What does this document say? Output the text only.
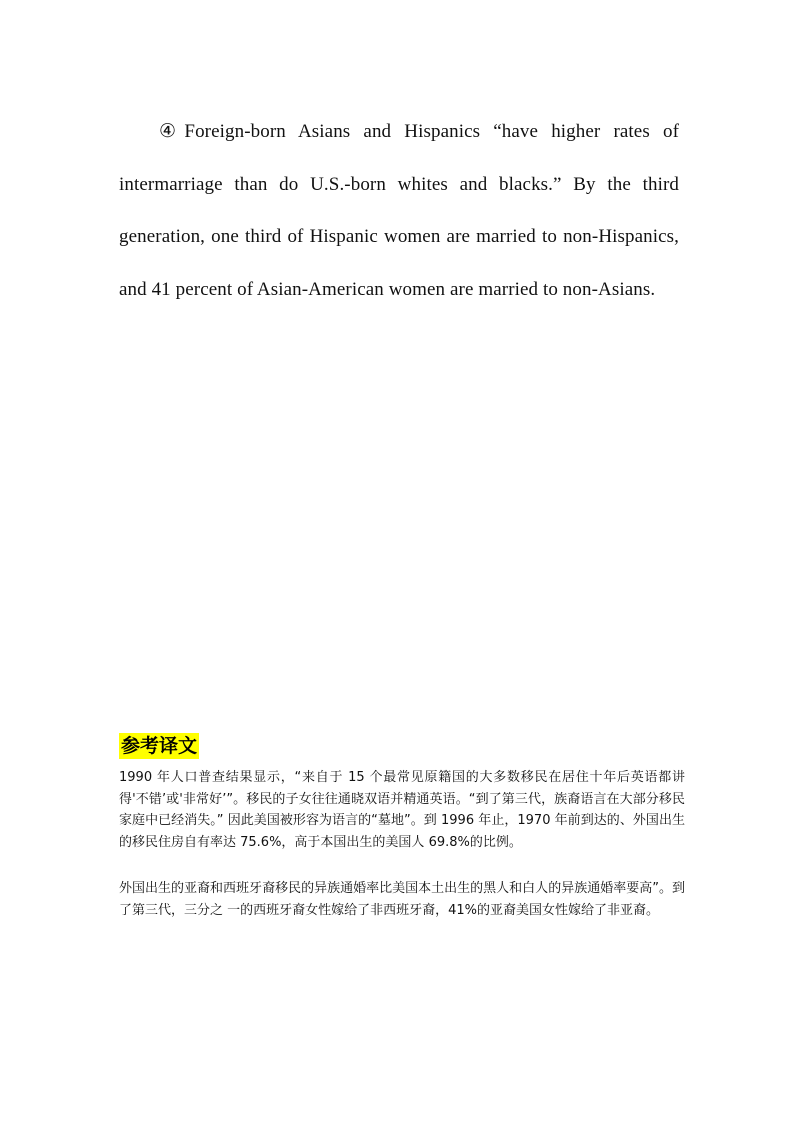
④Foreign-born Asians and Hispanics “have higher rates of intermarriage than do U.S.-born whites and blacks.” By the third generation, one third of Hispanic women are married to non-Hispanics, and 41 percent of Asian-American women are married to non-Asians.

参考译文

1990 年人口普查结果显示，“来自于 15 个最常见原籍国的大多数移民在居住十年后英语都讲得'不错’或'非常好’”。移民的子女往往通晓双语并精通英语。“到了第三代，族裔语言在大部分移民家庭中已经消失。” 因此美国被形容为语言的“墓地”。到 1996 年止，1970 年前到达的、外国出生的移民住房自有率达 75.6%，高于本国出生的美国人 69.8%的比例。

外国出生的亚裔和西班牙裔移民的异族通婚率比美国本土出生的黑人和白人的异族通婚率要高”。到了第三代，三分之 一的西班牙裔女性嫁给了非西班牙裔，41%的亚裔美国女性嫁给了非亚裔。
